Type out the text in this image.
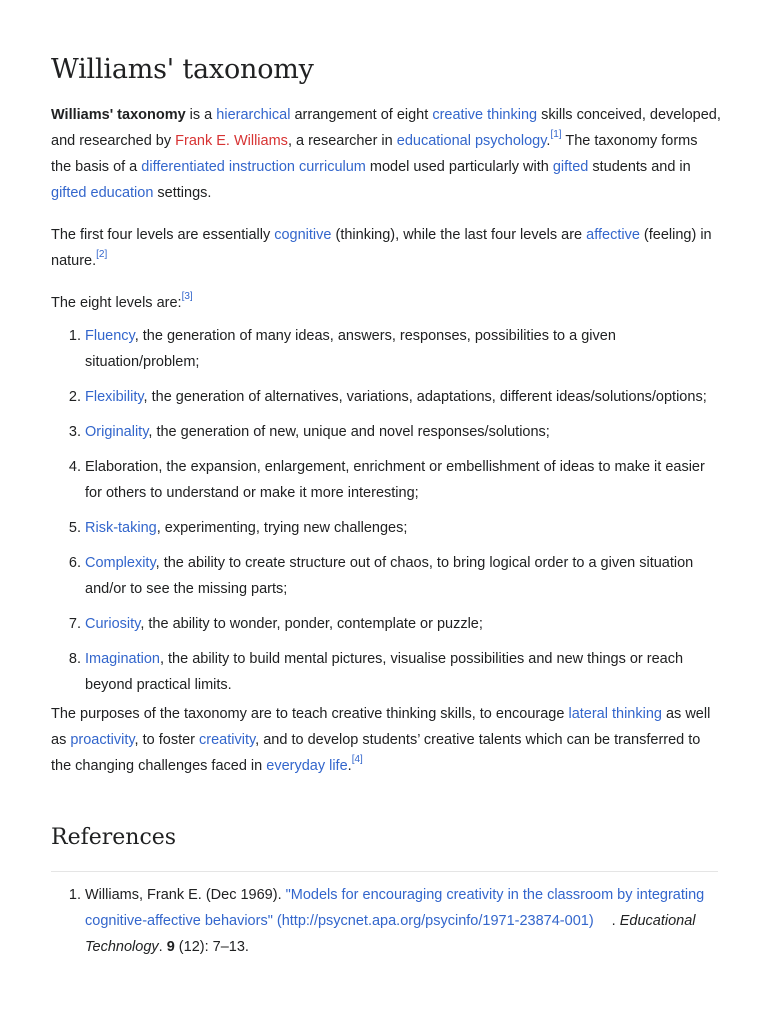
Williams' taxonomy

Williams' taxonomy is a hierarchical arrangement of eight creative thinking skills conceived, developed, and researched by Frank E. Williams, a researcher in educational psychology.[1] The taxonomy forms the basis of a differentiated instruction curriculum model used particularly with gifted students and in gifted education settings.

The first four levels are essentially cognitive (thinking), while the last four levels are affective (feeling) in nature.[2]

The eight levels are:[3]

1. Fluency, the generation of many ideas, answers, responses, possibilities to a given situation/problem;
2. Flexibility, the generation of alternatives, variations, adaptations, different ideas/solutions/options;
3. Originality, the generation of new, unique and novel responses/solutions;
4. Elaboration, the expansion, enlargement, enrichment or embellishment of ideas to make it easier for others to understand or make it more interesting;
5. Risk-taking, experimenting, trying new challenges;
6. Complexity, the ability to create structure out of chaos, to bring logical order to a given situation and/or to see the missing parts;
7. Curiosity, the ability to wonder, ponder, contemplate or puzzle;
8. Imagination, the ability to build mental pictures, visualise possibilities and new things or reach beyond practical limits.

The purposes of the taxonomy are to teach creative thinking skills, to encourage lateral thinking as well as proactivity, to foster creativity, and to develop students’ creative talents which can be transferred to the changing challenges faced in everyday life.[4]

References
1. Williams, Frank E. (Dec 1969). "Models for encouraging creativity in the classroom by integrating cognitive-affective behaviors" (http://psycnet.apa.org/psycinfo/1971-23874-001) . Educational Technology. 9 (12): 7–13.
